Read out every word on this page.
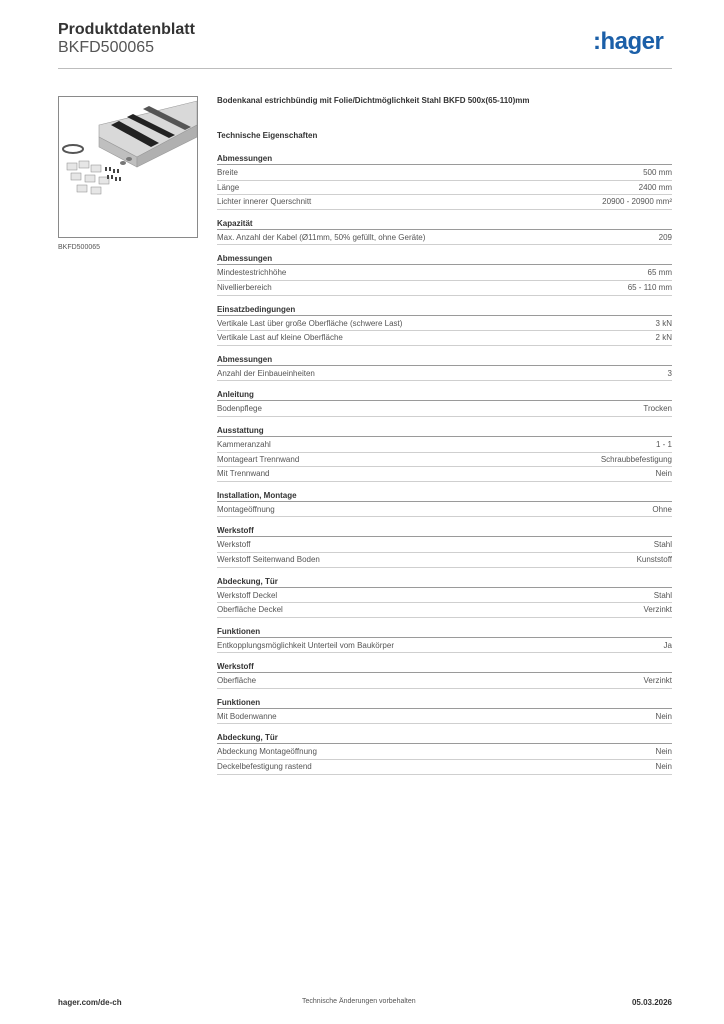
Produktdatenblatt
BKFD500065	:hager
BKFD500065
Bodenkanal estrichbündig mit Folie/Dichtmöglichkeit Stahl BKFD 500x(65-110)mm
Technische Eigenschaften
Abmessungen
Breite	500 mm
Länge	2400 mm
Lichter innerer Querschnitt	20900 - 20900 mm²
Kapazität
Max. Anzahl der Kabel (Ø11mm, 50% gefüllt, ohne Geräte)	209
Abmessungen
Mindestestrichhöhe	65 mm
Nivellierbereich	65 - 110 mm
Einsatzbedingungen
Vertikale Last über große Oberfläche (schwere Last)	3 kN
Vertikale Last auf kleine Oberfläche	2 kN
Abmessungen
Anzahl der Einbaueinheiten	3
Anleitung
Bodenpflege	Trocken
Ausstattung
Kammeranzahl	1 - 1
Montageart Trennwand	Schraubbefestigung
Mit Trennwand	Nein
Installation, Montage
Montageöffnung	Ohne
Werkstoff
Werkstoff	Stahl
Werkstoff Seitenwand Boden	Kunststoff
Abdeckung, Tür
Werkstoff Deckel	Stahl
Oberfläche Deckel	Verzinkt
Funktionen
Entkopplungsmöglichkeit Unterteil vom Baukörper	Ja
Werkstoff
Oberfläche	Verzinkt
Funktionen
Mit Bodenwanne	Nein
Abdeckung, Tür
Abdeckung Montageöffnung	Nein
Deckelbefestigung rastend	Nein
hager.com/de-ch	Technische Änderungen vorbehalten	05.03.2026
